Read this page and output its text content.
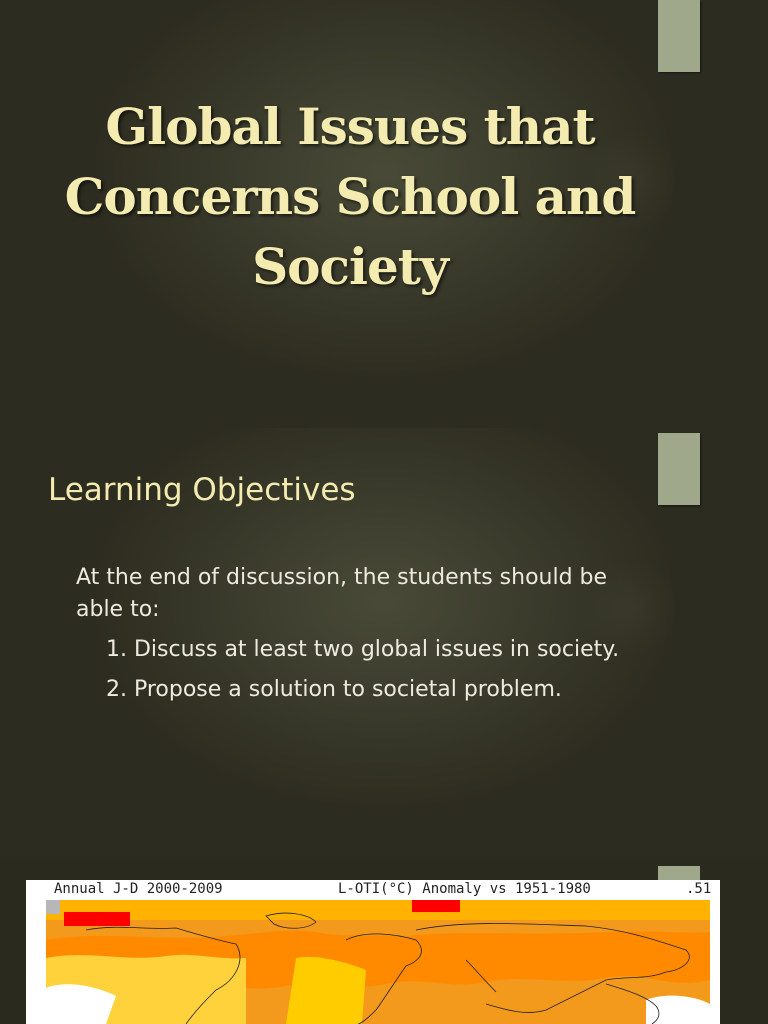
Global Issues that Concerns School and Society
Learning Objectives

At the end of discussion, the students should be able to:

1. Discuss at least two global issues in society.

2. Propose a solution to societal problem.

Annual J-D 2000-2009	L-OTI(°C) Anomaly vs 1951-1980	.51
